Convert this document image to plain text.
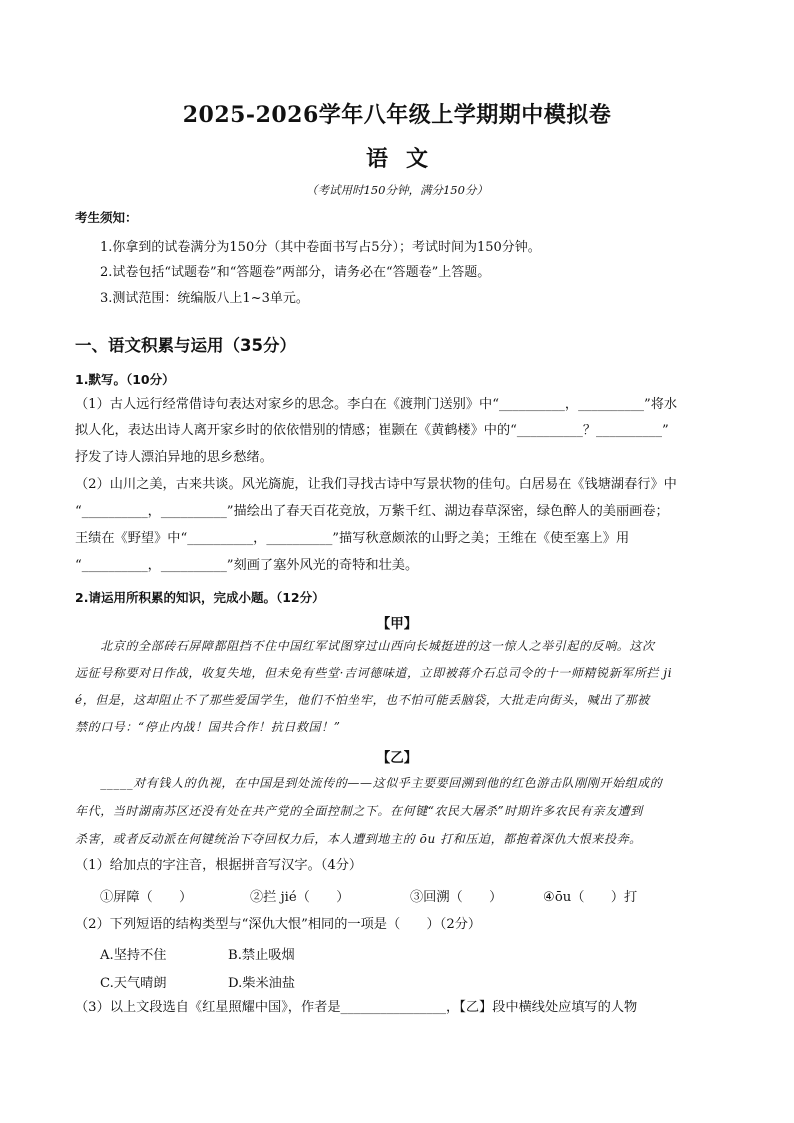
2025-2026学年八年级上学期期中模拟卷
语文
（考试用时150分钟，满分150分）
考生须知：
1.你拿到的试卷满分为150分（其中卷面书写占5分）；考试时间为150分钟。
2.试卷包括“试题卷”和“答题卷”两部分，请务必在“答题卷”上答题。
3.测试范围：统编版八上1~3单元。
一、语文积累与运用（35分）
1.默写。（10分）
（1）古人远行经常借诗句表达对家乡的思念。李白在《渡荆门送别》中“__________，__________”将水
拟人化，表达出诗人离开家乡时的依依惜别的情感；崔颢在《黄鹤楼》中的“__________？__________”
抒发了诗人漂泊异地的思乡愁绪。
（2）山川之美，古来共谈。风光旖旎，让我们寻找古诗中写景状物的佳句。白居易在《钱塘湖春行》中
“__________，__________”描绘出了春天百花竞放，万紫千红、湖边春草深密，绿色醉人的美丽画卷；
王绩在《野望》中“__________，__________”描写秋意颇浓的山野之美；王维在《使至塞上》用
“__________，__________”刻画了塞外风光的奇特和壮美。
2.请运用所积累的知识，完成小题。（12分）
【甲】
　　北京的全部砖石屏障都阻挡不住中国红军试图穿过山西向长城挺进的这一惊人之举引起的反响。这次
远征号称要对日作战，收复失地，但未免有些堂·吉诃德味道，立即被蒋介石总司令的十一师精锐新军所拦 ji
é，但是，这却阻止不了那些爱国学生，他们不怕坐牢，也不怕可能丢脑袋，大批走向街头，喊出了那被
禁的口号：“停止内战！国共合作！抗日救国！”
【乙】
　　_____对有钱人的仇视，在中国是到处流传的——这似乎主要要回溯到他的红色游击队刚刚开始组成的
年代，当时湖南苏区还没有处在共产党的全面控制之下。在何键“农民大屠杀”时期许多农民有亲友遭到
杀害，或者反动派在何键统治下夺回权力后，本人遭到地主的 ōu 打和压迫，都抱着深仇大恨来投奔。
（1）给加点的字注音，根据拼音写汉字。（4分）
①屏障（　　）	②拦 jié（　　）	③回溯（　　）	④ōu（　　）打
（2）下列短语的结构类型与“深仇大恨”相同的一项是（　　）（2分）
A.坚持不住	B.禁止吸烟
C.天气晴朗	D.柴米油盐
（3）以上文段选自《红星照耀中国》，作者是________________，【乙】段中横线处应填写的人物
